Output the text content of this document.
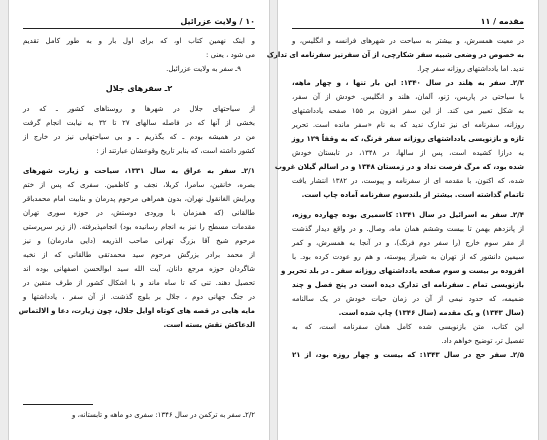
۱۰ / ولایت عزرائیل
و اینک نهمین کتاب او، که برای اول بار و به طور کامل تقدیم
می شود ، یعنی :
۹ـ سفر به ولایت عزرائیل.
۲ـ سفرهای جلال
از سیاحتهای جلال در شهرها و روستاهای کشور ـ که در
بخشی از آنها که در فاصله سالهای ۲۷ تا ۳۲ به نیابت انجام گرفت
من در همیشه بودم ـ که بگذریم ـ و بی سیاحتهایی نیز در خارج از
کشور داشته است، که بنابر تاریخ وقوعشان عبارتند از :
۲/۱ـ سفر به عراق به سال ۱۳۳۱، سیاحت و زیارت شهرهای
بصره، خانقین، سامرا، کربلا، نجف و کاظمین. سفری که پس از ختم
ویرایش الغانقول نهران، بدون همراهی مرحوم پدرمان و بنابیت امام محمدباقر
طالقانی (که همزمان با ورودی دوستش، در حوزه سوری تهران
مقدمات مسطح را نیز به انجام رسانیده بود) انجامپذیرفته. (از زیر سرپرستی
مرحوم شیخ آقا بزرگ تهرانی صاحب الذریعه (دایی مادرمان) و نیز
از محمد برادر بزرگش مرحوم سید محمدتقی طالقانی که از نخبه
شاگردان حوزه مرجع دانان، آیت الله سید ابوالحسن اصفهانی بوده اند
تحصیل دهند. تنی که تا ساه ماند و با اشکال کشور از طرف متقین در
در جنگ جهانی دوم ، جلال بر بلوچ گذشت. از آن سفر ، یادداشتها و
مایه هایی در قصه های کوتاه اوایل جلال، چون زیارت، دعا و الالتماس
الدعاکش نقش بسته است.
۲/۲ـ سفر به ترکمن در سال ۱۳۴۶: سفری دو ماهه و تابستانه، و
مقدمه / ۱۱
در معیت همسرش، و بیشتر به سیاحت در شهرهای فرانسه و انگلیس، و
به خصوص در وضعی شبیه سفر شکارچی، از آن سفرنیز سفرنامه ای تدارک
ندید. اما یادداشتهای روزانه سفر چرا.
۲/۳ـ سفر به هلند در سال ۱۳۴۰: این بار تنها ، و چهار ماهه،
با سیاحتی در پاریس، ژنو، آلمان، هلند و انگلیس. خودش از آن سفر،
به شکل تعبیر می کند. از این سفر افزون بر ۱۵۵ صفحه یادداشتهای
روزانه، سفرنامه ای نیز تدارک ندید که به نام «سفر مانده است. تحریر
تازه و بازنویسی یادداشتهای روزانه سفر فرنگ، که به وقفاً ۱۲۹ روز
به درازا کشیده است، پس از سالها، در ۱۳۴۸، در تابستان خودش
شده بود، که مرگ فرصت نداد و در زمستان ۱۳۴۸ و در اسالم گیلان غروب
شده، که اکنون، با مقدمه ای از سفرنامه و پیوست، در ۱۳۸۲ انتشار یافت
تاتمام گذاشته است. بیشتر از بلندسوم سفرنامه آماده چاپ است.
۲/۴ـ سفر به اسرائیل در سال ۱۳۴۱: کاسمیری بوده چهارده روزه،
از پانزدهم بهمن تا بیست وششم همان ماه، وصال. و در واقع دیدار گذشت
از مقر سوم خارج (را سفر دوم فرنگ)، و در آنجا به همسرش، و کمر
سیمین دانشور که از تهران به شیراز پیوسته، و هم رو عودت کرده بود. با
افزوده بر بیست و سوم صفحه یادداشتهای روزانه سفر ـ در بلد تحریر و
بازنویسی تمام ـ سفرنامه ای تدارک دیده است در پنج فصل و چند
ضمیمه، که حدود نیمی از آن در زمان حیات خودش در یک سالنامه
(سال ۱۳۴۳) و یک مقدمه (سال ۱۳۴۶) چاپ شده است.
این کتاب، متن بازنویسی شده کامل همان سفرنامه است، که به
تفصیل تر، توضیح خواهم داد.
۲/۵ـ سفر حج در سال ۱۳۴۳: که بیست و چهار روزه بود، از ۲۱
